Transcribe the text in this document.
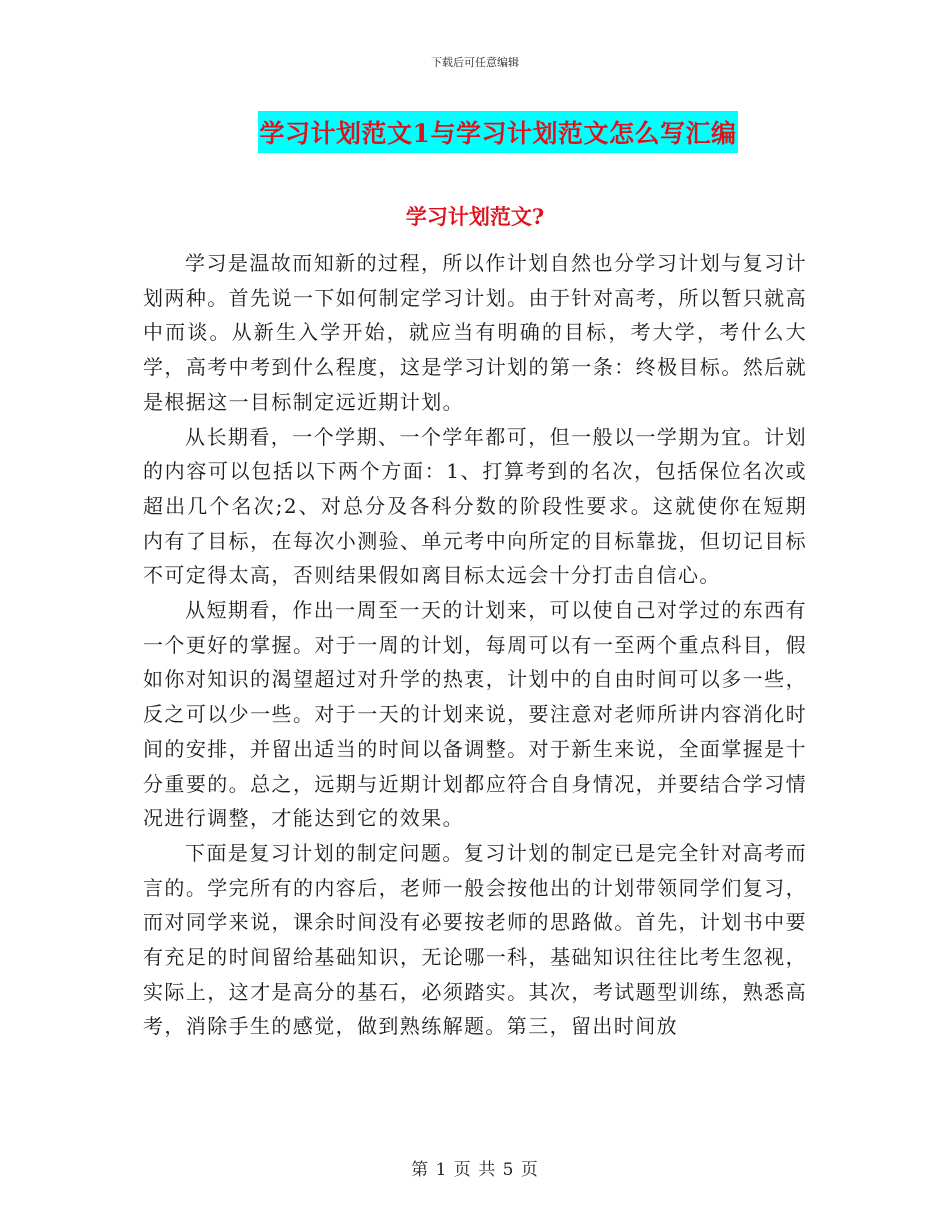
下载后可任意编辑
学习计划范文1与学习计划范文怎么写汇编
学习计划范文?

学习是温故而知新的过程，所以作计划自然也分学习计划与复习计划两种。首先说一下如何制定学习计划。由于针对高考，所以暂只就高中而谈。从新生入学开始，就应当有明确的目标，考大学，考什么大学，高考中考到什么程度，这是学习计划的第一条：终极目标。然后就是根据这一目标制定远近期计划。

从长期看，一个学期、一个学年都可，但一般以一学期为宜。计划的内容可以包括以下两个方面：1、打算考到的名次，包括保位名次或超出几个名次;2、对总分及各科分数的阶段性要求。这就使你在短期内有了目标，在每次小测验、单元考中向所定的目标靠拢，但切记目标不可定得太高，否则结果假如离目标太远会十分打击自信心。

从短期看，作出一周至一天的计划来，可以使自己对学过的东西有一个更好的掌握。对于一周的计划，每周可以有一至两个重点科目，假如你对知识的渴望超过对升学的热衷，计划中的自由时间可以多一些，反之可以少一些。对于一天的计划来说，要注意对老师所讲内容消化时间的安排，并留出适当的时间以备调整。对于新生来说，全面掌握是十分重要的。总之，远期与近期计划都应符合自身情况，并要结合学习情况进行调整，才能达到它的效果。

下面是复习计划的制定问题。复习计划的制定已是完全针对高考而言的。学完所有的内容后，老师一般会按他出的计划带领同学们复习，而对同学来说，课余时间没有必要按老师的思路做。首先，计划书中要有充足的时间留给基础知识，无论哪一科，基础知识往往比考生忽视，实际上，这才是高分的基石，必须踏实。其次，考试题型训练，熟悉高考，消除手生的感觉，做到熟练解题。第三，留出时间放

第 1 页 共 5 页
